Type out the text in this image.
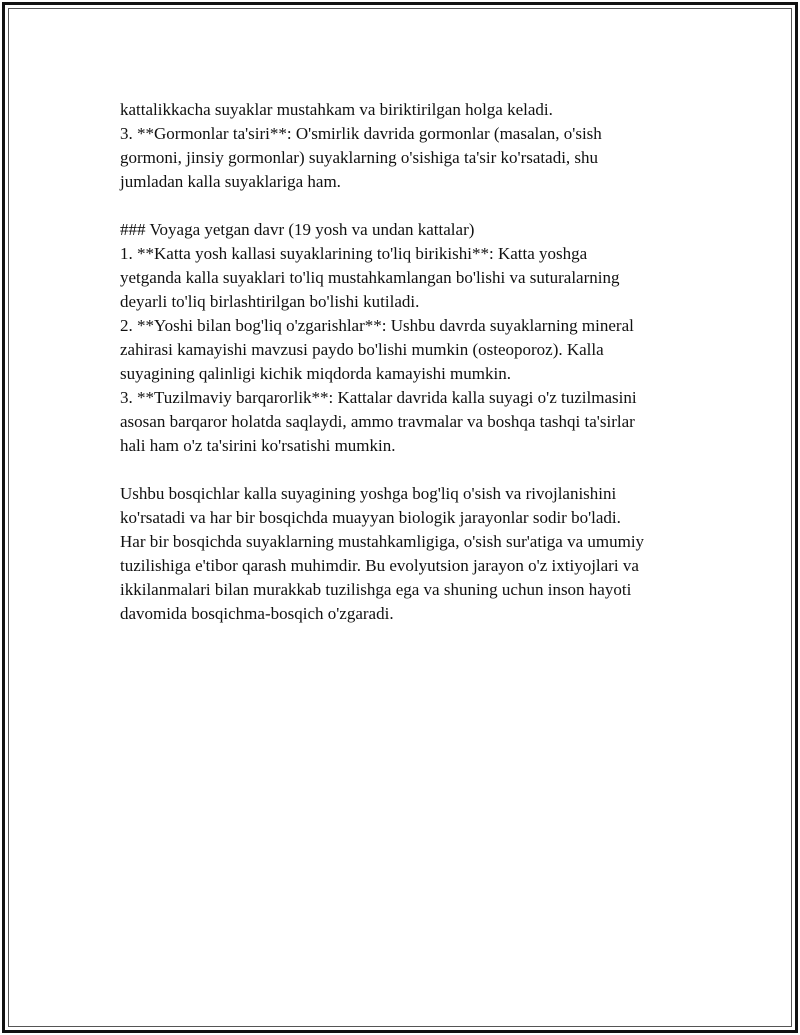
kattalikkacha suyaklar mustahkam va biriktirilgan holga keladi.
3. **Gormonlar ta'siri**: O'smirlik davrida gormonlar (masalan, o'sish
gormoni, jinsiy gormonlar) suyaklarning o'sishiga ta'sir ko'rsatadi, shu
jumladan kalla suyaklariga ham.
### Voyaga yetgan davr (19 yosh va undan kattalar)
1. **Katta yosh kallasi suyaklarining to'liq birikishi**: Katta yoshga
yetganda kalla suyaklari to'liq mustahkamlangan bo'lishi va suturalarning
deyarli to'liq birlashtirilgan bo'lishi kutiladi.
2. **Yoshi bilan bog'liq o'zgarishlar**: Ushbu davrda suyaklarning mineral
zahirasi kamayishi mavzusi paydo bo'lishi mumkin (osteoporoz). Kalla
suyagining qalinligi kichik miqdorda kamayishi mumkin.
3. **Tuzilmaviy barqarorlik**: Kattalar davrida kalla suyagi o'z tuzilmasini
asosan barqaror holatda saqlaydi, ammo travmalar va boshqa tashqi ta'sirlar
hali ham o'z ta'sirini ko'rsatishi mumkin.
Ushbu bosqichlar kalla suyagining yoshga bog'liq o'sish va rivojlanishini
ko'rsatadi va har bir bosqichda muayyan biologik jarayonlar sodir bo'ladi.
Har bir bosqichda suyaklarning mustahkamligiga, o'sish sur'atiga va umumiy
tuzilishiga e'tibor qarash muhimdir. Bu evolyutsion jarayon o'z ixtiyojlari va
ikkilanmalari bilan murakkab tuzilishga ega va shuning uchun inson hayoti
davomida bosqichma-bosqich o'zgaradi.
